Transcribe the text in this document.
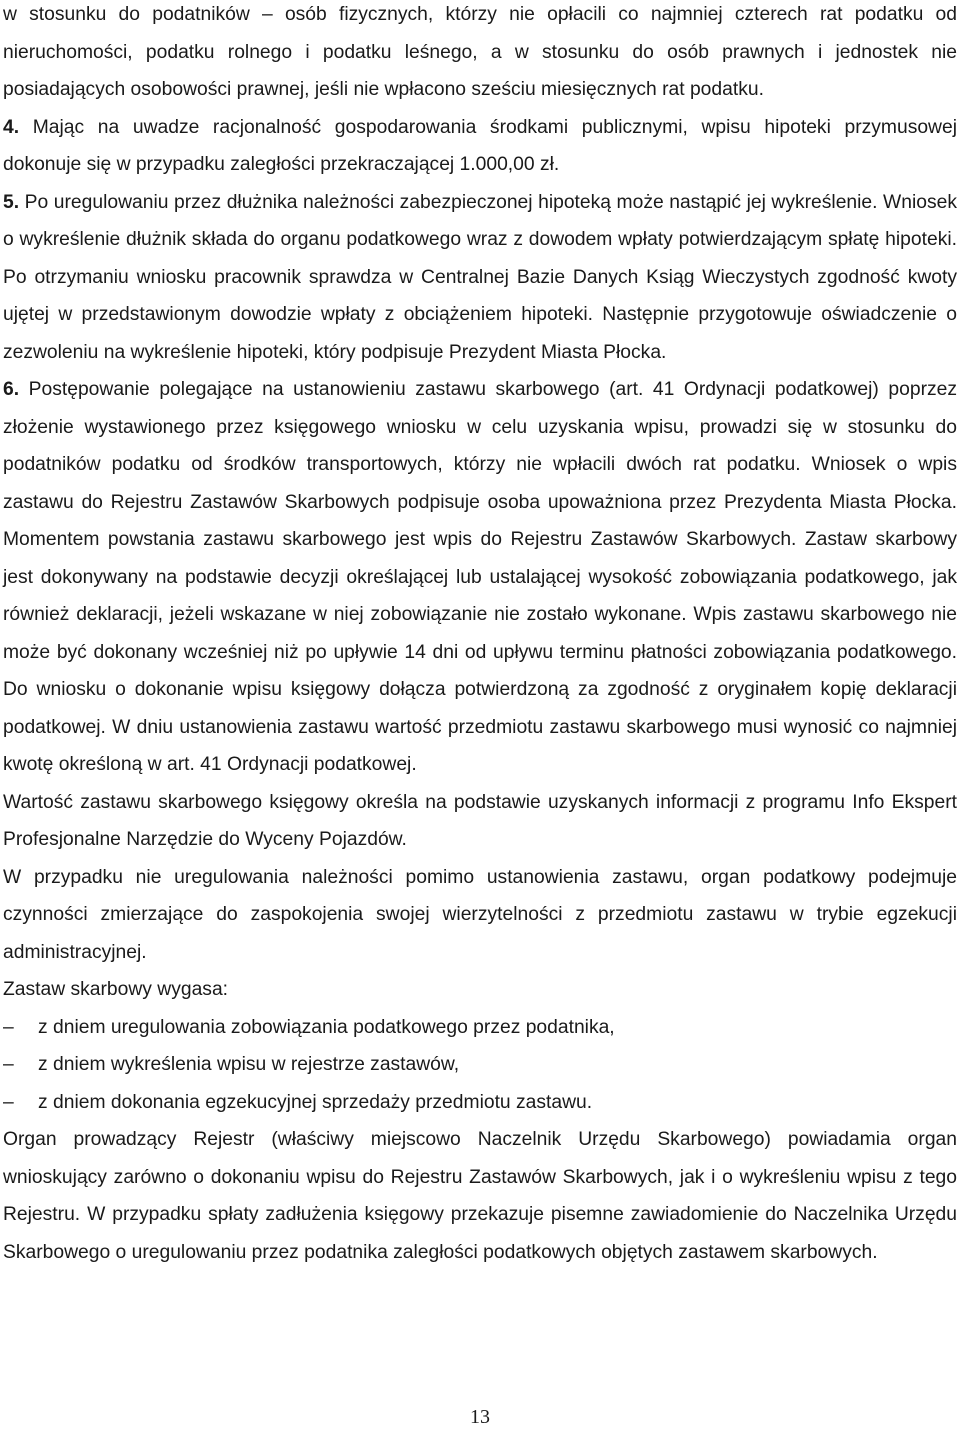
w stosunku do podatników – osób fizycznych, którzy nie opłacili co najmniej czterech rat podatku od nieruchomości, podatku rolnego i podatku leśnego, a w stosunku do osób prawnych i jednostek nie posiadających osobowości prawnej, jeśli nie wpłacono sześciu miesięcznych rat podatku.

4. Mając na uwadze racjonalność gospodarowania środkami publicznymi, wpisu hipoteki przymusowej dokonuje się w przypadku zaległości przekraczającej 1.000,00 zł.

5. Po uregulowaniu przez dłużnika należności zabezpieczonej hipoteką może nastąpić jej wykreślenie. Wniosek o wykreślenie dłużnik składa do organu podatkowego wraz z dowodem wpłaty potwierdzającym spłatę hipoteki. Po otrzymaniu wniosku pracownik sprawdza w Centralnej Bazie Danych Ksiąg Wieczystych zgodność kwoty ujętej w przedstawionym dowodzie wpłaty z obciążeniem hipoteki. Następnie przygotowuje oświadczenie o zezwoleniu na wykreślenie hipoteki, który podpisuje Prezydent Miasta Płocka.

6. Postępowanie polegające na ustanowieniu zastawu skarbowego (art. 41 Ordynacji podatkowej) poprzez złożenie wystawionego przez księgowego wniosku w celu uzyskania wpisu, prowadzi się w stosunku do podatników podatku od środków transportowych, którzy nie wpłacili dwóch rat podatku. Wniosek o wpis zastawu do Rejestru Zastawów Skarbowych podpisuje osoba upoważniona przez Prezydenta Miasta Płocka. Momentem powstania zastawu skarbowego jest wpis do Rejestru Zastawów Skarbowych. Zastaw skarbowy jest dokonywany na podstawie decyzji określającej lub ustalającej wysokość zobowiązania podatkowego, jak również deklaracji, jeżeli wskazane w niej zobowiązanie nie zostało wykonane. Wpis zastawu skarbowego nie może być dokonany wcześniej niż po upływie 14 dni od upływu terminu płatności zobowiązania podatkowego. Do wniosku o dokonanie wpisu księgowy dołącza potwierdzoną za zgodność z oryginałem kopię deklaracji podatkowej. W dniu ustanowienia zastawu wartość przedmiotu zastawu skarbowego musi wynosić co najmniej kwotę określoną w art. 41 Ordynacji podatkowej.

Wartość zastawu skarbowego księgowy określa na podstawie uzyskanych informacji z programu Info Ekspert Profesjonalne Narzędzie do Wyceny Pojazdów.

W przypadku nie uregulowania należności pomimo ustanowienia zastawu, organ podatkowy podejmuje czynności zmierzające do zaspokojenia swojej wierzytelności z przedmiotu zastawu w trybie egzekucji administracyjnej.

Zastaw skarbowy wygasa:

–	z dniem uregulowania zobowiązania podatkowego przez podatnika,
–	z dniem wykreślenia wpisu w rejestrze zastawów,
–	z dniem dokonania egzekucyjnej sprzedaży przedmiotu zastawu.

Organ prowadzący Rejestr (właściwy miejscowo Naczelnik Urzędu Skarbowego) powiadamia organ wnioskujący zarówno o dokonaniu wpisu do Rejestru Zastawów Skarbowych, jak i o wykreśleniu wpisu z tego Rejestru. W przypadku spłaty zadłużenia księgowy przekazuje pisemne zawiadomienie do Naczelnika Urzędu Skarbowego o uregulowaniu przez podatnika zaległości podatkowych objętych zastawem skarbowych.

13
